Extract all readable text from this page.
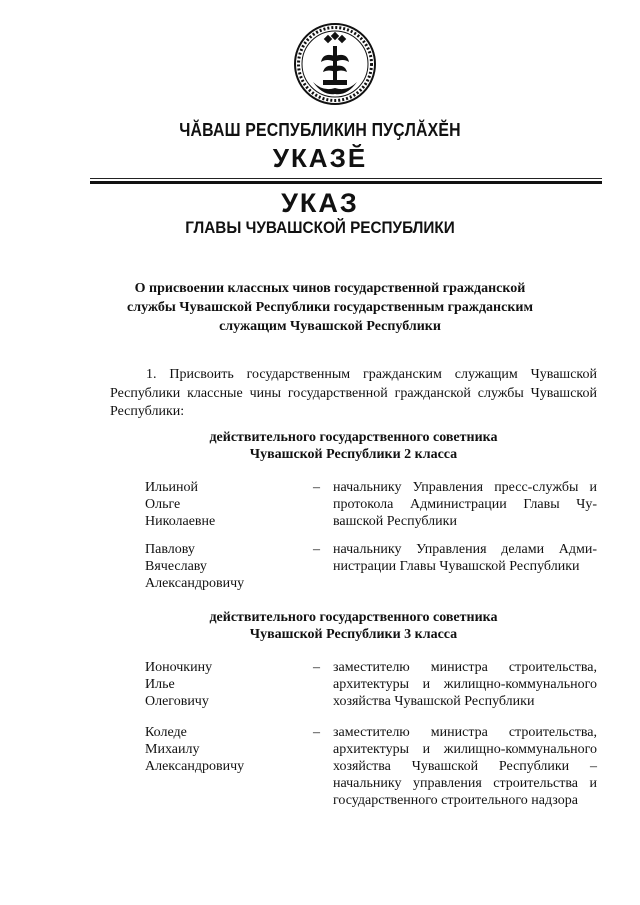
ЧĂВАШ РЕСПУБЛИКИН ПУҪЛĂХĔН
УКАЗĔ
УКАЗ
ГЛАВЫ ЧУВАШСКОЙ РЕСПУБЛИКИ
О присвоении классных чинов государственной гражданской службы Чувашской Республики государственным гражданским служащим Чувашской Республики
1. Присвоить государственным гражданским служащим Чувашской Республики классные чины государственной гражданской службы Чувашской Республики:
действительного государственного советника
Чувашской Республики 2 класса
Ильиной
Ольге
Николаевне
– начальнику Управления пресс-службы и протокола Администрации Главы Чувашской Республики
Павлову
Вячеславу
Александровичу
– начальнику Управления делами Администрации Главы Чувашской Республики
действительного государственного советника
Чувашской Республики 3 класса
Ионочкину
Илье
Олеговичу
– заместителю министра строительства, архитектуры и жилищно-коммунального хозяйства Чувашской Республики
Коледе
Михаилу
Александровичу
– заместителю министра строительства, архитектуры и жилищно-коммунального хозяйства Чувашской Республики – начальнику управления строительства и государственного строительного надзора
